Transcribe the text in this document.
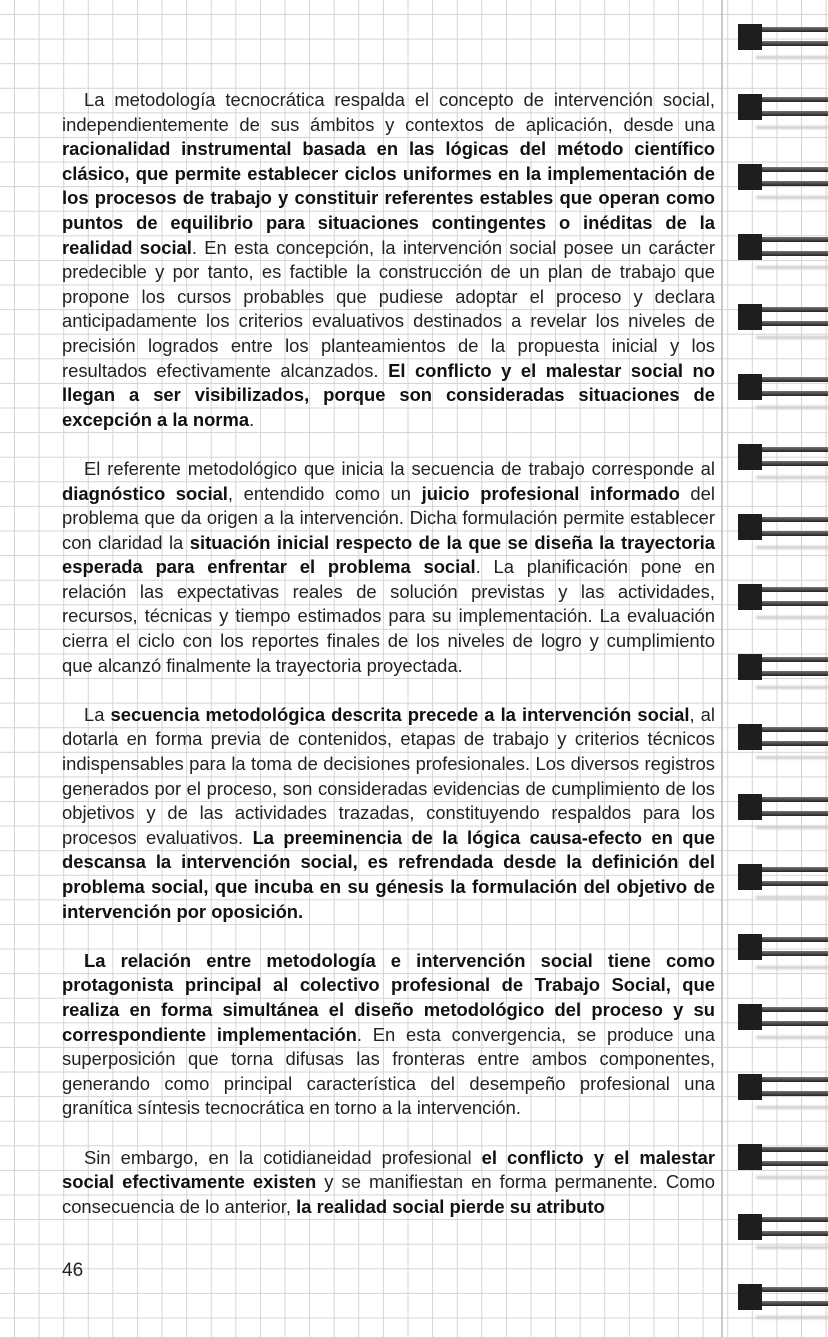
La metodología tecnocrática respalda el concepto de intervención social, independientemente de sus ámbitos y contextos de aplicación, desde una racionalidad instrumental basada en las lógicas del método científico clásico, que permite establecer ciclos uniformes en la implementación de los procesos de trabajo y constituir referentes estables que operan como puntos de equilibrio para situaciones contingentes o inéditas de la realidad social. En esta concepción, la intervención social posee un carácter predecible y por tanto, es factible la construcción de un plan de trabajo que propone los cursos probables que pudiese adoptar el proceso y declara anticipadamente los criterios evaluativos destinados a revelar los niveles de precisión logrados entre los planteamientos de la propuesta inicial y los resultados efectivamente alcanzados. El conflicto y el malestar social no llegan a ser visibilizados, porque son consideradas situaciones de excepción a la norma.

El referente metodológico que inicia la secuencia de trabajo corresponde al diagnóstico social, entendido como un juicio profesional informado del problema que da origen a la intervención. Dicha formulación permite establecer con claridad la situación inicial respecto de la que se diseña la trayectoria esperada para enfrentar el problema social. La planificación pone en relación las expectativas reales de solución previstas y las actividades, recursos, técnicas y tiempo estimados para su implementación. La evaluación cierra el ciclo con los reportes finales de los niveles de logro y cumplimiento que alcanzó finalmente la trayectoria proyectada.

La secuencia metodológica descrita precede a la intervención social, al dotarla en forma previa de contenidos, etapas de trabajo y criterios técnicos indispensables para la toma de decisiones profesionales. Los diversos registros generados por el proceso, son consideradas evidencias de cumplimiento de los objetivos y de las actividades trazadas, constituyendo respaldos para los procesos evaluativos. La preeminencia de la lógica causa-efecto en que descansa la intervención social, es refrendada desde la definición del problema social, que incuba en su génesis la formulación del objetivo de intervención por oposición.

La relación entre metodología e intervención social tiene como protagonista principal al colectivo profesional de Trabajo Social, que realiza en forma simultánea el diseño metodológico del proceso y su correspondiente implementación. En esta convergencia, se produce una superposición que torna difusas las fronteras entre ambos componentes, generando como principal característica del desempeño profesional una granítica síntesis tecnocrática en torno a la intervención.

Sin embargo, en la cotidianeidad profesional el conflicto y el malestar social efectivamente existen y se manifiestan en forma permanente. Como consecuencia de lo anterior, la realidad social pierde su atributo

46
